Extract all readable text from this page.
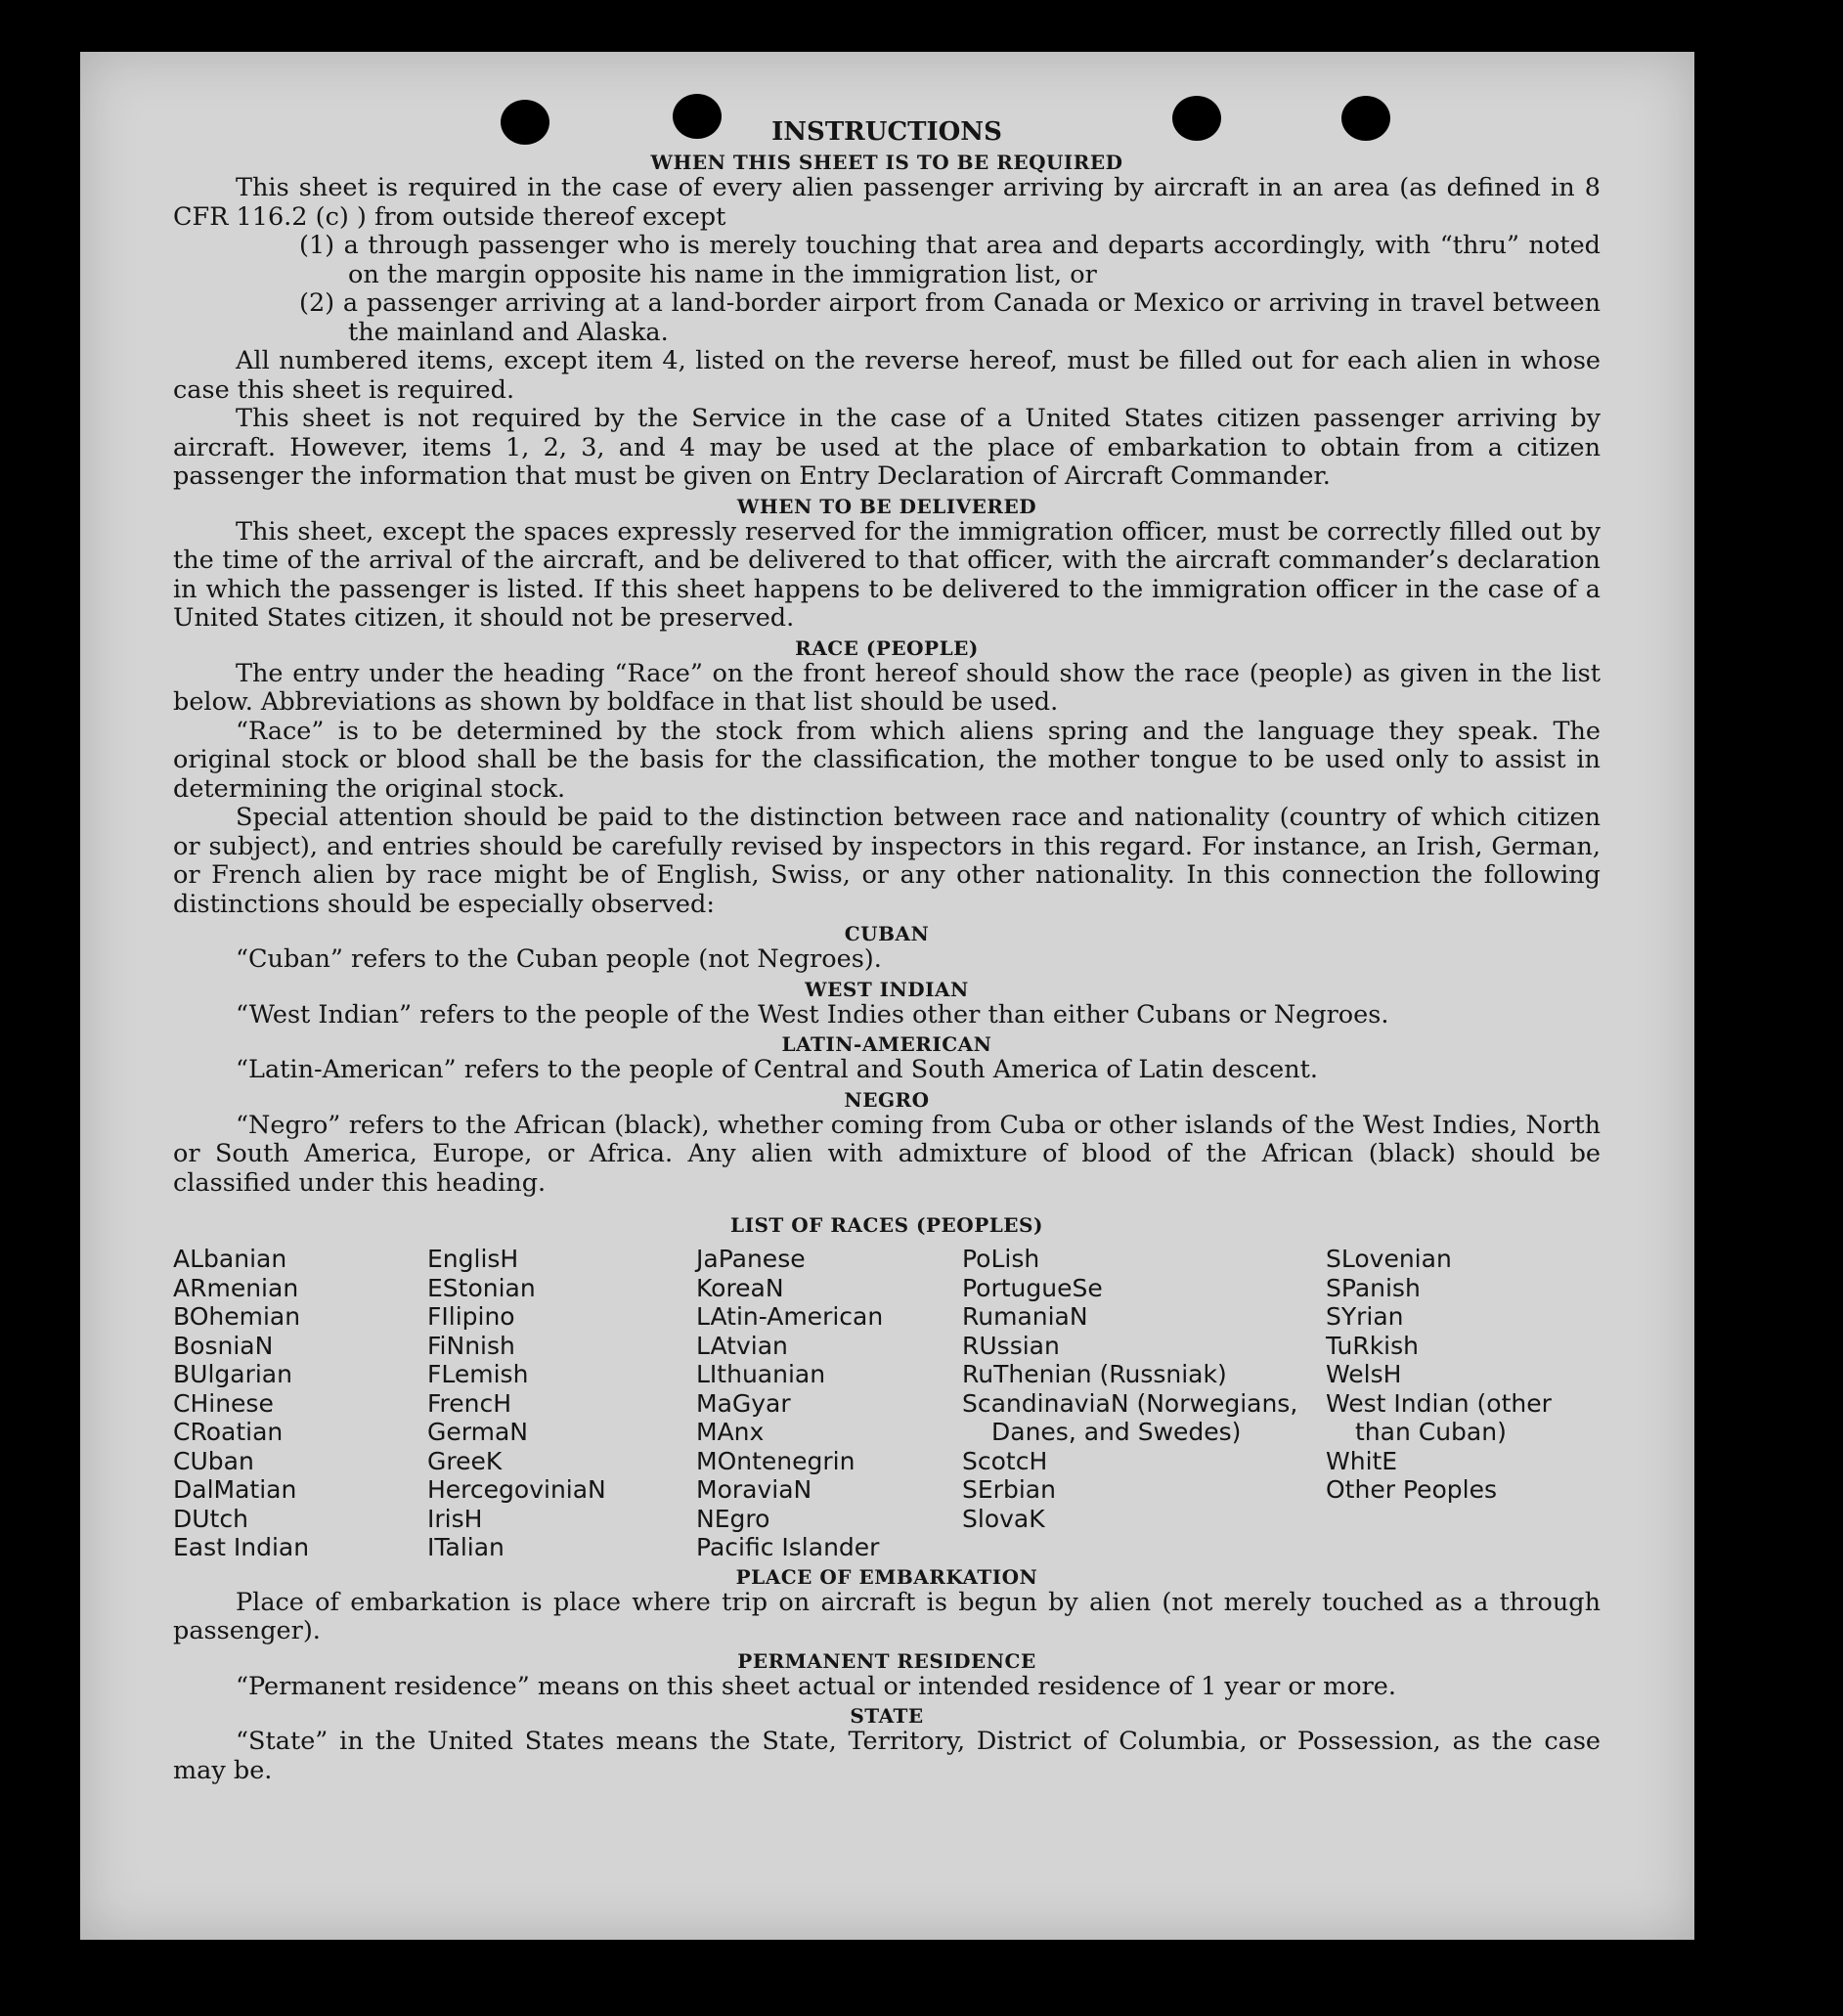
INSTRUCTIONS
WHEN THIS SHEET IS TO BE REQUIRED
This sheet is required in the case of every alien passenger arriving by aircraft in an area (as defined in 8 CFR 116.2 (c) ) from outside thereof except
(1) a through passenger who is merely touching that area and departs accordingly, with “thru” noted on the margin opposite his name in the immigration list, or
(2) a passenger arriving at a land-border airport from Canada or Mexico or arriving in travel between the mainland and Alaska.
All numbered items, except item 4, listed on the reverse hereof, must be filled out for each alien in whose case this sheet is required.
This sheet is not required by the Service in the case of a United States citizen passenger arriving by aircraft. However, items 1, 2, 3, and 4 may be used at the place of embarkation to obtain from a citizen passenger the information that must be given on Entry Declaration of Aircraft Commander.
WHEN TO BE DELIVERED
This sheet, except the spaces expressly reserved for the immigration officer, must be correctly filled out by the time of the arrival of the aircraft, and be delivered to that officer, with the aircraft commander’s declaration in which the passenger is listed. If this sheet happens to be delivered to the immigration officer in the case of a United States citizen, it should not be preserved.
RACE (PEOPLE)
The entry under the heading “Race” on the front hereof should show the race (people) as given in the list below. Abbreviations as shown by boldface in that list should be used.
“Race” is to be determined by the stock from which aliens spring and the language they speak. The original stock or blood shall be the basis for the classification, the mother tongue to be used only to assist in determining the original stock.
Special attention should be paid to the distinction between race and nationality (country of which citizen or subject), and entries should be carefully revised by inspectors in this regard. For instance, an Irish, German, or French alien by race might be of English, Swiss, or any other nationality. In this connection the following distinctions should be especially observed:
CUBAN
“Cuban” refers to the Cuban people (not Negroes).
WEST INDIAN
“West Indian” refers to the people of the West Indies other than either Cubans or Negroes.
LATIN-AMERICAN
“Latin-American” refers to the people of Central and South America of Latin descent.
NEGRO
“Negro” refers to the African (black), whether coming from Cuba or other islands of the West Indies, North or South America, Europe, or Africa. Any alien with admixture of blood of the African (black) should be classified under this heading.
LIST OF RACES (PEOPLES)
ALbanian
ARmenian
BOhemian
BosniaN
BUlgarian
CHinese
CRoatian
CUban
DalMatian
DUtch
East Indian
EnglisH
EStonian
FIlipino
FiNnish
FLemish
FrencH
GermaN
GreeK
HercegoviniaN
IrisH
ITalian
JaPanese
KoreaN
LAtin-American
LAtvian
LIthuanian
MaGyar
MAnx
MOntenegrin
MoraviaN
NEgro
Pacific Islander
PoLish
PortugueSe
RumaniaN
RUssian
RuThenian (Russniak)
ScandinaviaN (Norwegians, Danes, and Swedes)
ScotcH
SErbian
SlovaK
SLovenian
SPanish
SYrian
TuRkish
WelsH
West Indian (other than Cuban)
WhitE
Other Peoples
PLACE OF EMBARKATION
Place of embarkation is place where trip on aircraft is begun by alien (not merely touched as a through passenger).
PERMANENT RESIDENCE
“Permanent residence” means on this sheet actual or intended residence of 1 year or more.
STATE
“State” in the United States means the State, Territory, District of Columbia, or Possession, as the case may be.
